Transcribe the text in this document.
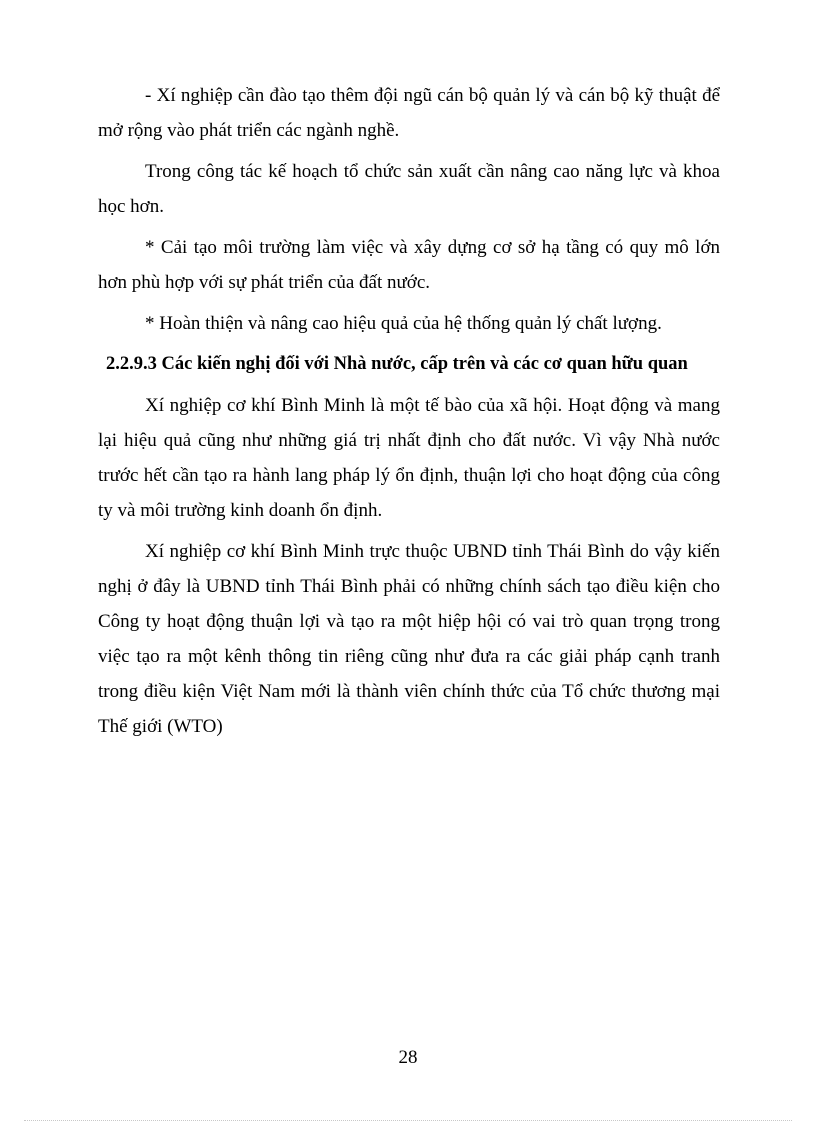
- Xí nghiệp cần đào tạo thêm đội ngũ cán bộ quản lý và cán bộ kỹ thuật để mở rộng vào phát triển các ngành nghề.

Trong công tác kế hoạch tổ chức sản xuất cần nâng cao năng lực và khoa học hơn.

* Cải tạo môi trường làm việc và xây dựng cơ sở hạ tầng có quy mô lớn hơn phù hợp với sự phát triển của đất nước.

* Hoàn thiện và nâng cao hiệu quả của hệ thống quản lý chất lượng.

2.2.9.3 Các kiến nghị đối với Nhà nước, cấp trên và các cơ quan hữu quan

Xí nghiệp cơ khí Bình Minh là một tế bào của xã hội. Hoạt động và mang lại hiệu quả cũng như những giá trị nhất định cho đất nước. Vì vậy Nhà nước trước hết cần tạo ra hành lang pháp lý ổn định, thuận lợi cho hoạt động của công ty và môi trường kinh doanh ổn định.

Xí nghiệp cơ khí Bình Minh trực thuộc UBND tỉnh Thái Bình do vậy kiến nghị ở đây là UBND tỉnh Thái Bình phải có những chính sách tạo điều kiện cho Công ty hoạt động thuận lợi và tạo ra một hiệp hội có vai trò quan trọng trong việc tạo ra một kênh thông tin riêng cũng như đưa ra các giải pháp cạnh tranh trong điều kiện Việt Nam mới là thành viên chính thức của Tổ chức thương mại Thế giới (WTO)

28
